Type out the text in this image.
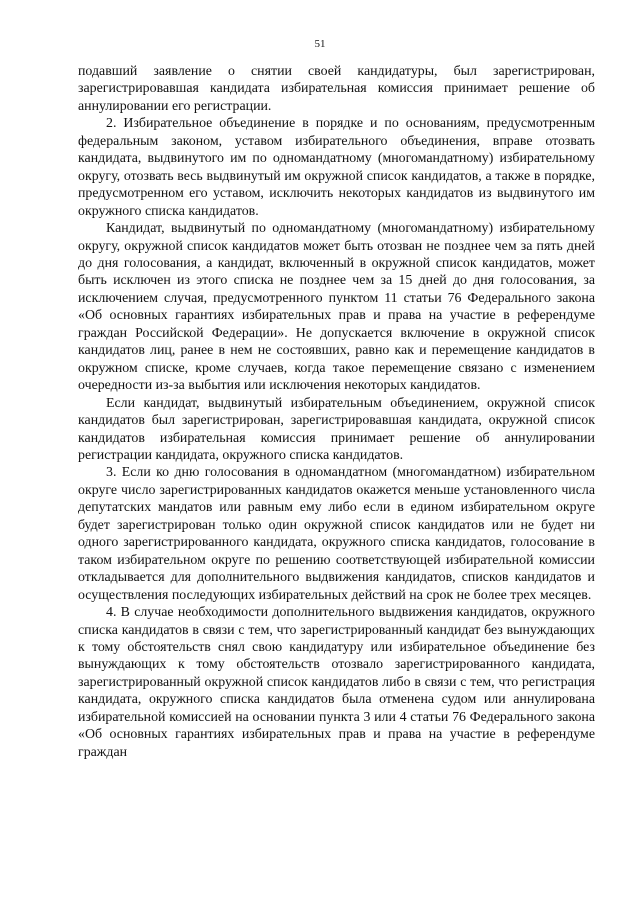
51

подавший заявление о снятии своей кандидатуры, был зарегистрирован, зарегистрировавшая кандидата избирательная комиссия принимает решение об аннулировании его регистрации.

2. Избирательное объединение в порядке и по основаниям, предусмотренным федеральным законом, уставом избирательного объединения, вправе отозвать кандидата, выдвинутого им по одномандатному (многомандатному) избирательному округу, отозвать весь выдвинутый им окружной список кандидатов, а также в порядке, предусмотренном его уставом, исключить некоторых кандидатов из выдвинутого им окружного списка кандидатов.

Кандидат, выдвинутый по одномандатному (многомандатному) избирательному округу, окружной список кандидатов может быть отозван не позднее чем за пять дней до дня голосования, а кандидат, включенный в окружной список кандидатов, может быть исключен из этого списка не позднее чем за 15 дней до дня голосования, за исключением случая, предусмотренного пунктом 11 статьи 76 Федерального закона «Об основных гарантиях избирательных прав и права на участие в референдуме граждан Российской Федерации». Не допускается включение в окружной список кандидатов лиц, ранее в нем не состоявших, равно как и перемещение кандидатов в окружном списке, кроме случаев, когда такое перемещение связано с изменением очередности из-за выбытия или исключения некоторых кандидатов.

Если кандидат, выдвинутый избирательным объединением, окружной список кандидатов был зарегистрирован, зарегистрировавшая кандидата, окружной список кандидатов избирательная комиссия принимает решение об аннулировании регистрации кандидата, окружного списка кандидатов.

3. Если ко дню голосования в одномандатном (многомандатном) избирательном округе число зарегистрированных кандидатов окажется меньше установленного числа депутатских мандатов или равным ему либо если в едином избирательном округе будет зарегистрирован только один окружной список кандидатов или не будет ни одного зарегистрированного кандидата, окружного списка кандидатов, голосование в таком избирательном округе по решению соответствующей избирательной комиссии откладывается для дополнительного выдвижения кандидатов, списков кандидатов и осуществления последующих избирательных действий на срок не более трех месяцев.

4. В случае необходимости дополнительного выдвижения кандидатов, окружного списка кандидатов в связи с тем, что зарегистрированный кандидат без вынуждающих к тому обстоятельств снял свою кандидатуру или избирательное объединение без вынуждающих к тому обстоятельств отозвало зарегистрированного кандидата, зарегистрированный окружной список кандидатов либо в связи с тем, что регистрация кандидата, окружного списка кандидатов была отменена судом или аннулирована избирательной комиссией на основании пункта 3 или 4 статьи 76 Федерального закона «Об основных гарантиях избирательных прав и права на участие в референдуме граждан
